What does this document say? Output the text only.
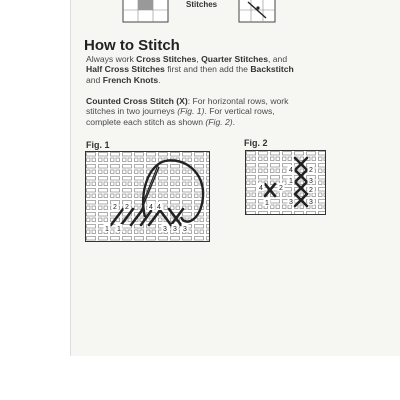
Stitches
How to Stitch

Always work Cross Stitches, Quarter Stitches, and
Half Cross Stitches first and then add the Backstitch
and French Knots.

Counted Cross Stitch (X): For horizontal rows, work
stitches in two journeys (Fig. 1). For vertical rows,
complete each stitch as shown (Fig. 2).

Fig. 1	Fig. 2
2 2	4 4
1 1	3 3 3
4 2
1 3
4 2	2
1	3 3
